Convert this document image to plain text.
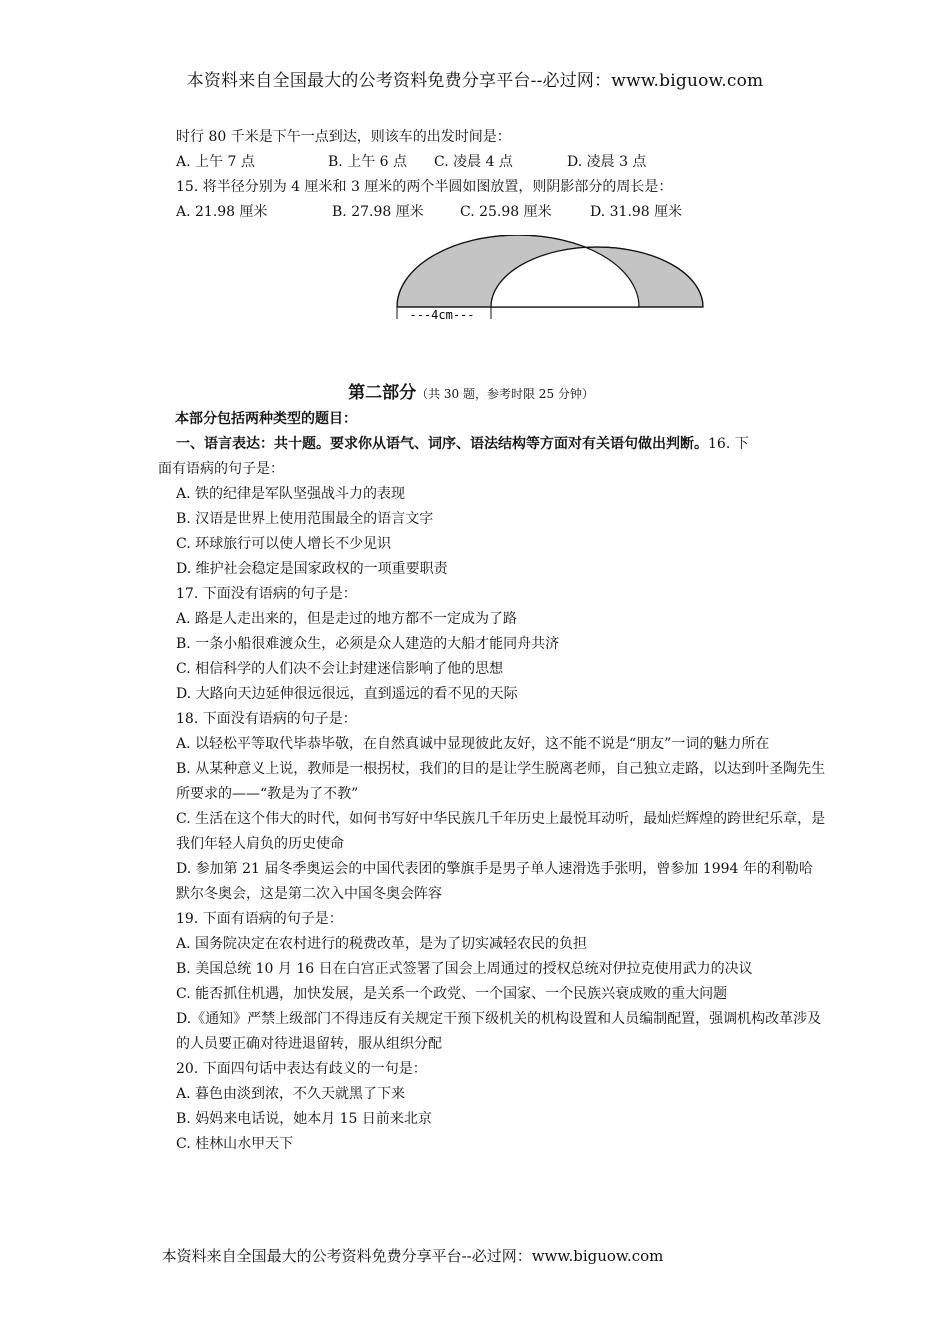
本资料来自全国最大的公考资料免费分享平台--必过网：www.biguow.com
时行 80 千米是下午一点到达，则该车的出发时间是：
A. 上午 7 点	B. 上午 6 点 C. 凌晨 4 点	D. 凌晨 3 点
15. 将半径分别为 4 厘米和 3 厘米的两个半圆如图放置，则阴影部分的周长是：
A. 21.98 厘米	B. 27.98 厘米	C. 25.98 厘米	D. 31.98 厘米
---4cm---
第二部分（共 30 题，参考时限 25 分钟）
本部分包括两种类型的题目：
一、语言表达：共十题。要求你从语气、词序、语法结构等方面对有关语句做出判断。16. 下
面有语病的句子是：
A. 铁的纪律是军队坚强战斗力的表现
B. 汉语是世界上使用范围最全的语言文字
C. 环球旅行可以使人增长不少见识
D. 维护社会稳定是国家政权的一项重要职责
17. 下面没有语病的句子是：
A. 路是人走出来的，但是走过的地方都不一定成为了路
B. 一条小船很难渡众生，必须是众人建造的大船才能同舟共济
C. 相信科学的人们决不会让封建迷信影响了他的思想
D. 大路向天边延伸很远很远，直到遥远的看不见的天际
18. 下面没有语病的句子是：
A. 以轻松平等取代毕恭毕敬，在自然真诚中显现彼此友好，这不能不说是“朋友”一词的魅力所在
B. 从某种意义上说，教师是一根拐杖，我们的目的是让学生脱离老师，自己独立走路，以达到叶圣陶先生所要求的——“教是为了不教”
C. 生活在这个伟大的时代，如何书写好中华民族几千年历史上最悦耳动听，最灿烂辉煌的跨世纪乐章，是我们年轻人肩负的历史使命
D. 参加第 21 届冬季奥运会的中国代表团的擎旗手是男子单人速滑选手张明，曾参加 1994 年的利勒哈默尔冬奥会，这是第二次入中国冬奥会阵容
19. 下面有语病的句子是：
A. 国务院决定在农村进行的税费改革，是为了切实减轻农民的负担
B. 美国总统 10 月 16 日在白宫正式签署了国会上周通过的授权总统对伊拉克使用武力的决议
C. 能否抓住机遇，加快发展，是关系一个政党、一个国家、一个民族兴衰成败的重大问题
D.《通知》严禁上级部门不得违反有关规定干预下级机关的机构设置和人员编制配置，强调机构改革涉及的人员要正确对待进退留转，服从组织分配
20. 下面四句话中表达有歧义的一句是：
A. 暮色由淡到浓，不久天就黑了下来
B. 妈妈来电话说，她本月 15 日前来北京
C. 桂林山水甲天下
本资料来自全国最大的公考资料免费分享平台--必过网：www.biguow.com
